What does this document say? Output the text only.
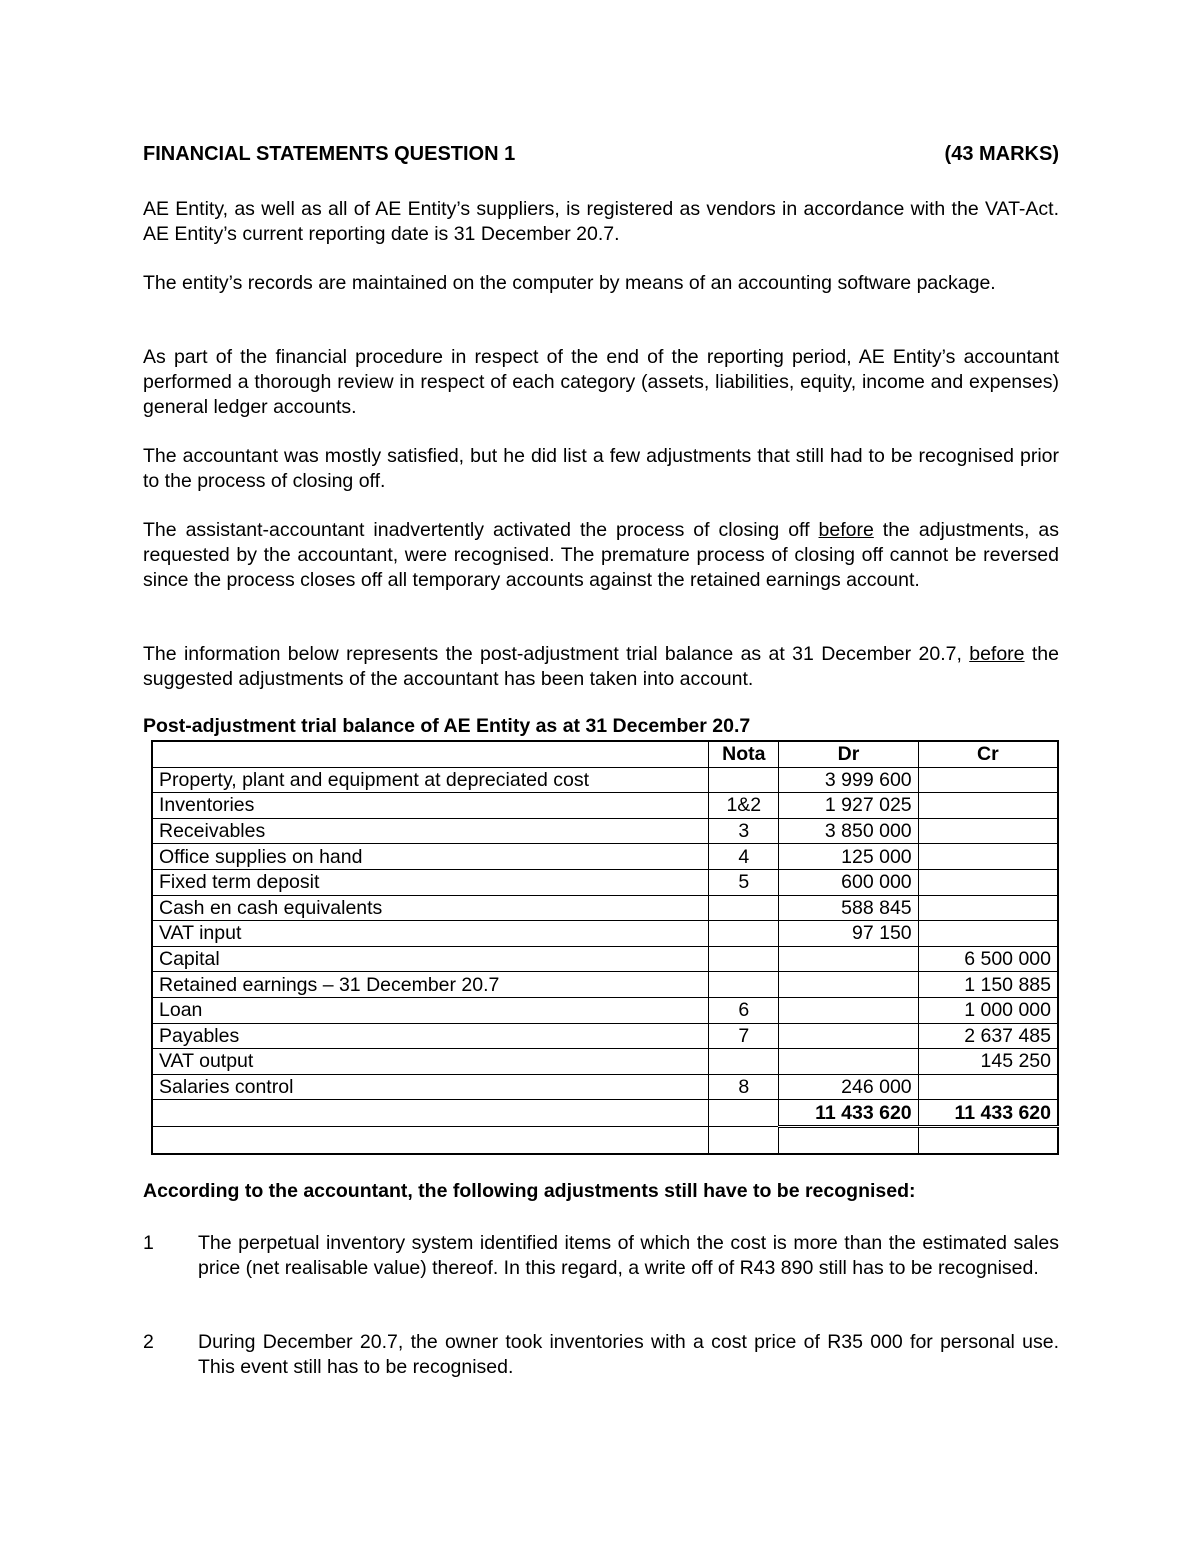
FINANCIAL STATEMENTS QUESTION 1	(43 MARKS)

AE Entity, as well as all of AE Entity’s suppliers, is registered as vendors in accordance with the VAT-Act. AE Entity’s current reporting date is 31 December 20.7.

The entity’s records are maintained on the computer by means of an accounting software package.

As part of the financial procedure in respect of the end of the reporting period, AE Entity’s accountant performed a thorough review in respect of each category (assets, liabilities, equity, income and expenses) general ledger accounts.

The accountant was mostly satisfied, but he did list a few adjustments that still had to be recognised prior to the process of closing off.

The assistant-accountant inadvertently activated the process of closing off before the adjustments, as requested by the accountant, were recognised. The premature process of closing off cannot be reversed since the process closes off all temporary accounts against the retained earnings account.

The information below represents the post-adjustment trial balance as at 31 December 20.7, before the suggested adjustments of the accountant has been taken into account.

Post-adjustment trial balance of AE Entity as at 31 December 20.7
	Nota	Dr	Cr
Property, plant and equipment at depreciated cost		3 999 600	
Inventories	1&2	1 927 025	
Receivables	3	3 850 000	
Office supplies on hand	4	125 000	
Fixed term deposit	5	600 000	
Cash en cash equivalents		588 845	
VAT input		97 150	
Capital			6 500 000
Retained earnings – 31 December 20.7			1 150 885
Loan	6		1 000 000
Payables	7		2 637 485
VAT output			145 250
Salaries control	8	246 000	
		11 433 620	11 433 620

According to the accountant, the following adjustments still have to be recognised:
1	The perpetual inventory system identified items of which the cost is more than the estimated sales price (net realisable value) thereof. In this regard, a write off of R43 890 still has to be recognised.
2	During December 20.7, the owner took inventories with a cost price of R35 000 for personal use. This event still has to be recognised.
